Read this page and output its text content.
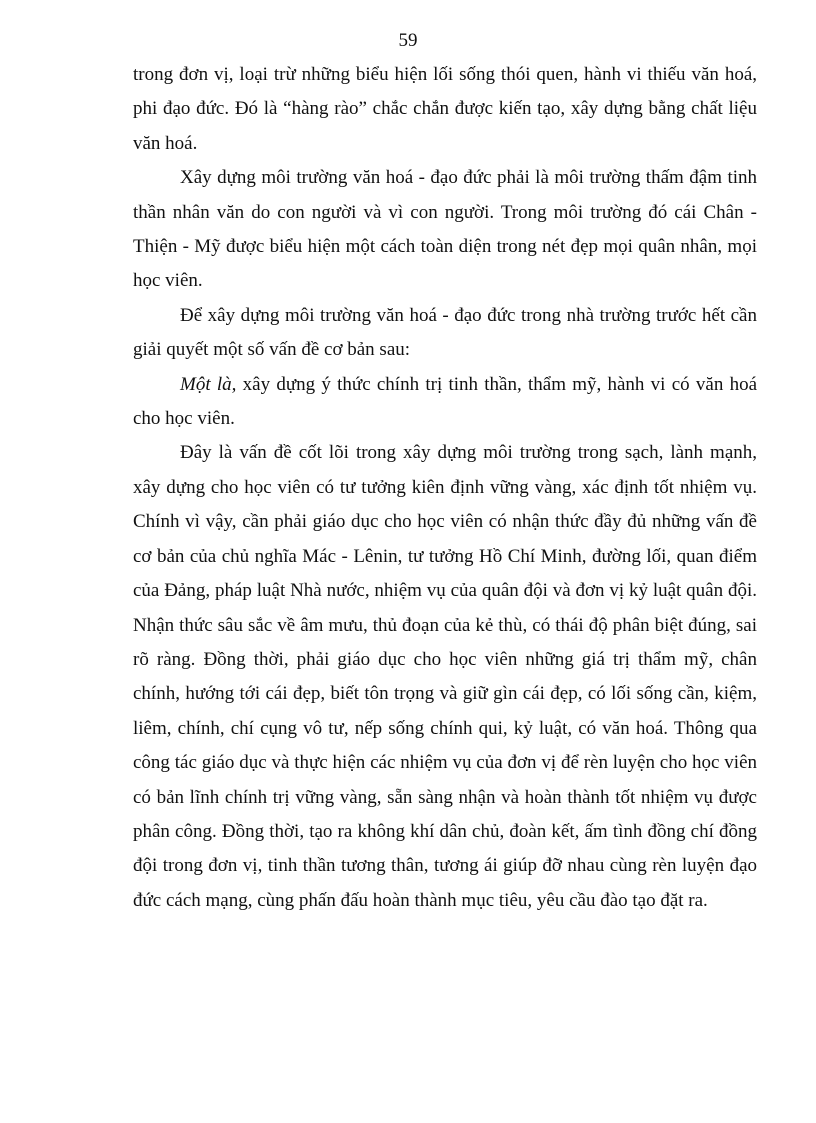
59

trong đơn vị, loại trừ những biểu hiện lối sống thói quen, hành vi thiếu văn hoá, phi đạo đức. Đó là “hàng rào” chắc chắn được kiến tạo, xây dựng bằng chất liệu văn hoá.

Xây dựng môi trường văn hoá - đạo đức phải là môi trường thấm đậm tinh thần nhân văn do con người và vì con người. Trong môi trường đó cái Chân - Thiện - Mỹ được biểu hiện một cách toàn diện trong nét đẹp mọi quân nhân, mọi học viên.

Để xây dựng môi trường văn hoá - đạo đức trong nhà trường trước hết cần giải quyết một số vấn đề cơ bản sau:

Một là, xây dựng ý thức chính trị tinh thần, thẩm mỹ, hành vi có văn hoá cho học viên.

Đây là vấn đề cốt lõi trong xây dựng môi trường trong sạch, lành mạnh, xây dựng cho học viên có tư tưởng kiên định vững vàng, xác định tốt nhiệm vụ. Chính vì vậy, cần phải giáo dục cho học viên có nhận thức đầy đủ những vấn đề cơ bản của chủ nghĩa Mác - Lênin, tư tưởng Hồ Chí Minh, đường lối, quan điểm của Đảng, pháp luật Nhà nước, nhiệm vụ của quân đội và đơn vị kỷ luật quân đội. Nhận thức sâu sắc về âm mưu, thủ đoạn của kẻ thù, có thái độ phân biệt đúng, sai rõ ràng. Đồng thời, phải giáo dục cho học viên những giá trị thẩm mỹ, chân chính, hướng tới cái đẹp, biết tôn trọng và giữ gìn cái đẹp, có lối sống cần, kiệm, liêm, chính, chí cụng vô tư, nếp sống chính qui, kỷ luật, có văn hoá. Thông qua công tác giáo dục và thực hiện các nhiệm vụ của đơn vị để rèn luyện cho học viên có bản lĩnh chính trị vững vàng, sẵn sàng nhận và hoàn thành tốt nhiệm vụ được phân công. Đồng thời, tạo ra không khí dân chủ, đoàn kết, ấm tình đồng chí đồng đội trong đơn vị, tinh thần tương thân, tương ái giúp đỡ nhau cùng rèn luyện đạo đức cách mạng, cùng phấn đấu hoàn thành mục tiêu, yêu cầu đào tạo đặt ra.
